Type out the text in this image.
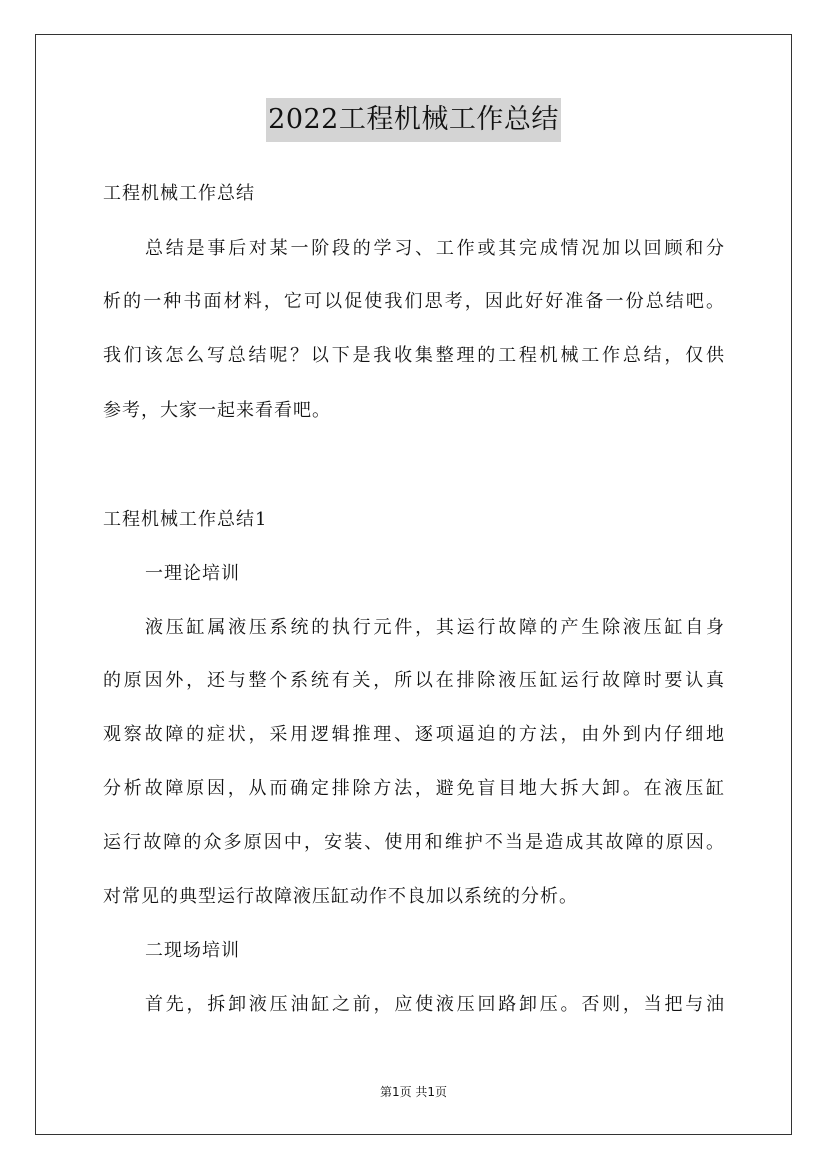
2022工程机械工作总结
工程机械工作总结
总结是事后对某一阶段的学习、工作或其完成情况加以回顾和分
析的一种书面材料，它可以促使我们思考，因此好好准备一份总结吧。
我们该怎么写总结呢？以下是我收集整理的工程机械工作总结，仅供
参考，大家一起来看看吧。
工程机械工作总结1
一理论培训
液压缸属液压系统的执行元件，其运行故障的产生除液压缸自身
的原因外，还与整个系统有关，所以在排除液压缸运行故障时要认真
观察故障的症状，采用逻辑推理、逐项逼迫的方法，由外到内仔细地
分析故障原因，从而确定排除方法，避免盲目地大拆大卸。在液压缸
运行故障的众多原因中，安装、使用和维护不当是造成其故障的原因。
对常见的典型运行故障液压缸动作不良加以系统的分析。
二现场培训
首先，拆卸液压油缸之前，应使液压回路卸压。否则，当把与油
第1页 共1页
